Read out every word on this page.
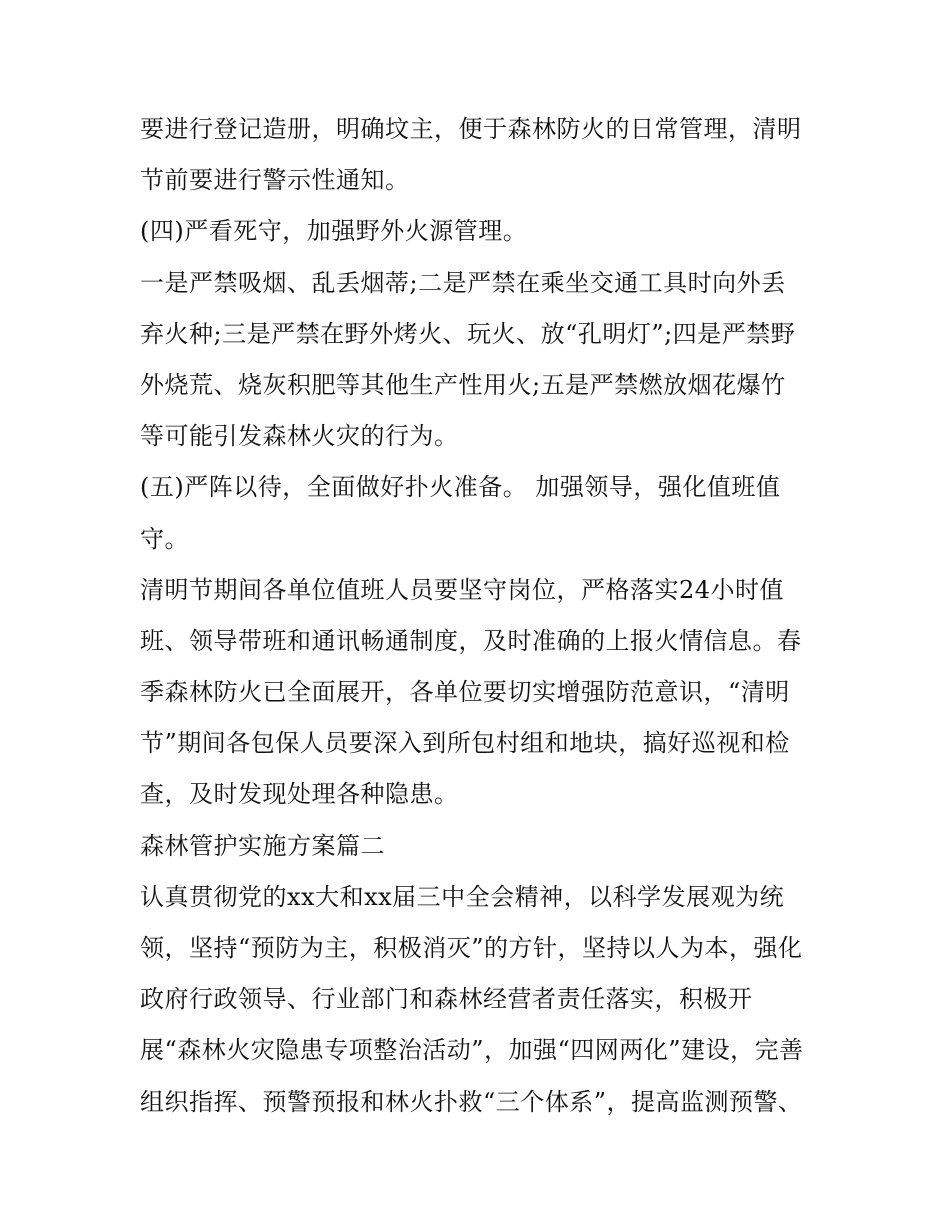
要进行登记造册，明确坟主，便于森林防火的日常管理，清明
节前要进行警示性通知。
(四)严看死守，加强野外火源管理。
一是严禁吸烟、乱丢烟蒂;二是严禁在乘坐交通工具时向外丢
弃火种;三是严禁在野外烤火、玩火、放“孔明灯”;四是严禁野
外烧荒、烧灰积肥等其他生产性用火;五是严禁燃放烟花爆竹
等可能引发森林火灾的行为。
(五)严阵以待，全面做好扑火准备。 加强领导，强化值班值
守。
清明节期间各单位值班人员要坚守岗位，严格落实24小时值
班、领导带班和通讯畅通制度，及时准确的上报火情信息。春
季森林防火已全面展开，各单位要切实增强防范意识，“清明
节”期间各包保人员要深入到所包村组和地块，搞好巡视和检
查，及时发现处理各种隐患。
森林管护实施方案篇二
认真贯彻党的xx大和xx届三中全会精神，以科学发展观为统
领，坚持“预防为主，积极消灭”的方针，坚持以人为本，强化
政府行政领导、行业部门和森林经营者责任落实，积极开
展“森林火灾隐患专项整治活动”，加强“四网两化”建设，完善
组织指挥、预警预报和林火扑救“三个体系”，提高监测预警、
